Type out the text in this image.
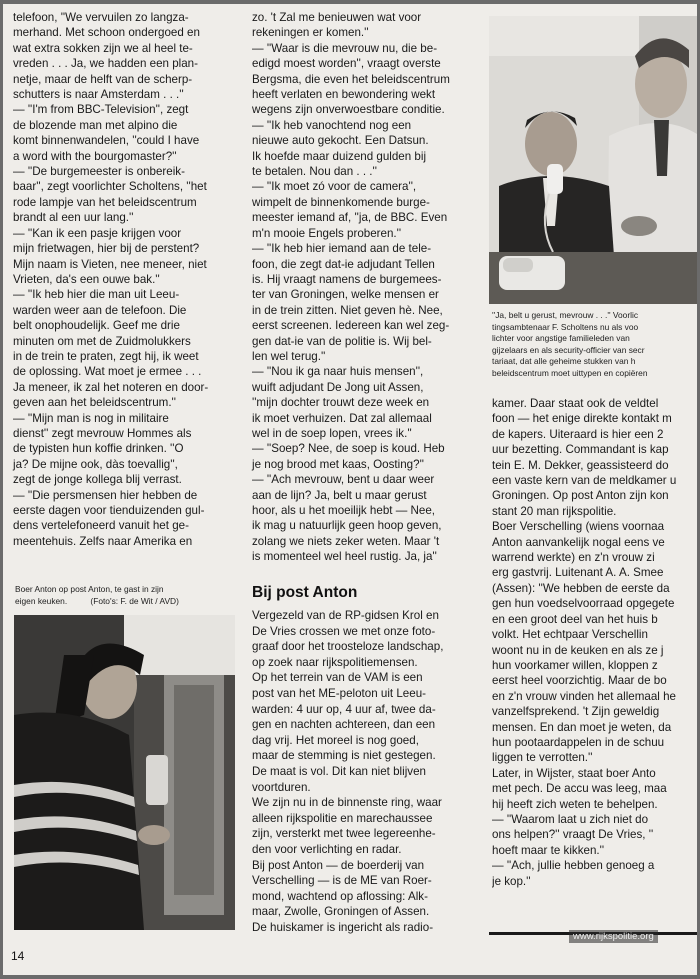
telefoon, ''We vervuilen zo langza-
merhand. Met schoon ondergoed en
wat extra sokken zijn we al heel te-
vreden . . . Ja, we hadden een plan-
netje, maar de helft van de scherp-
schutters is naar Amsterdam . . .''
— ''I'm from BBC-Television'', zegt
de blozende man met alpino die
komt binnenwandelen, ''could I have
a word with the bourgomaster?''
— ''De burgemeester is onbereik-
baar'', zegt voorlichter Scholtens, ''het
rode lampje van het beleidscentrum
brandt al een uur lang.''
— ''Kan ik een pasje krijgen voor
mijn frietwagen, hier bij de perstent?
Mijn naam is Vieten, nee meneer, niet
Vrieten, da's een ouwe bak.''
— ''Ik heb hier die man uit Leeu-
warden weer aan de telefoon. Die
belt onophoudelijk. Geef me drie
minuten om met de Zuidmolukkers
in de trein te praten, zegt hij, ik weet
de oplossing. Wat moet je ermee . . .
Ja meneer, ik zal het noteren en door-
geven aan het beleidscentrum.''
— ''Mijn man is nog in militaire
dienst'' zegt mevrouw Hommes als
de typisten hun koffie drinken. ''O
ja? De mijne ook, dàs toevallig'',
zegt de jonge kollega blij verrast.
— ''Die persmensen hier hebben de
eerste dagen voor tienduizenden gul-
dens vertelefoneerd vanuit het ge-
meentehuis. Zelfs naar Amerika en
zo. 't Zal me benieuwen wat voor
rekeningen er komen.''
— ''Waar is die mevrouw nu, die be-
edigd moest worden'', vraagt overste
Bergsma, die even het beleidscentrum
heeft verlaten en bewondering wekt
wegens zijn onverwoestbare conditie.
— ''Ik heb vanochtend nog een
nieuwe auto gekocht. Een Datsun.
Ik hoefde maar duizend gulden bij
te betalen. Nou dan . . .''
— ''Ik moet zó voor de camera'',
wimpelt de binnenkomende burge-
meester iemand af, ''ja, de BBC. Even
m'n mooie Engels proberen.''
— ''Ik heb hier iemand aan de tele-
foon, die zegt dat-ie adjudant Tellen
is. Hij vraagt namens de burgemees-
ter van Groningen, welke mensen er
in de trein zitten. Niet geven hè. Nee,
eerst screenen. Iedereen kan wel zeg-
gen dat-ie van de politie is. Wij bel-
len wel terug.''
— ''Nou ik ga naar huis mensen'',
wuift adjudant De Jong uit Assen,
''mijn dochter trouwt deze week en
ik moet verhuizen. Dat zal allemaal
wel in de soep lopen, vrees ik.''
— ''Soep? Nee, de soep is koud. Heb
je nog brood met kaas, Oosting?''
— ''Ach mevrouw, bent u daar weer
aan de lijn? Ja, belt u maar gerust
hoor, als u het moeilijk hebt — Nee,
ik mag u natuurlijk geen hoop geven,
zolang we niets zeker weten. Maar 't
is momenteel wel heel rustig. Ja, ja''
''Ja, belt u gerust, mevrouw . . .'' Voorlic
tingsambtenaar F. Scholtens nu als voo
lichter voor angstige familieleden van
gijzelaars en als security-officier van secr
tariaat, dat alle geheime stukken van h
beleidscentrum moet uittypen en copiëren
Boer Anton op post Anton, te gast in zijn
eigen keuken.          (Foto's: F. de Wit / AVD)	Bij post Anton
Vergezeld van de RP-gidsen Krol en
De Vries crossen we met onze foto-
graaf door het troosteloze landschap,
op zoek naar rijkspolitiemensen.
Op het terrein van de VAM is een
post van het ME-peloton uit Leeu-
warden: 4 uur op, 4 uur af, twee da-
gen en nachten achtereen, dan een
dag vrij. Het moreel is nog goed,
maar de stemming is niet gestegen.
De maat is vol. Dit kan niet blijven
voortduren.
We zijn nu in de binnenste ring, waar
alleen rijkspolitie en marechaussee
zijn, versterkt met twee legereenhe-
den voor verlichting en radar.
Bij post Anton — de boerderij van
Verschelling — is de ME van Roer-
mond, wachtend op aflossing: Alk-
maar, Zwolle, Groningen of Assen.
De huiskamer is ingericht als radio-
kamer. Daar staat ook de veldtel
foon — het enige direkte kontakt m
de kapers. Uiteraard is hier een 2
uur bezetting. Commandant is kap
tein E. M. Dekker, geassisteerd do
een vaste kern van de meldkamer u
Groningen. Op post Anton zijn kon
stant 20 man rijkspolitie.
Boer Verschelling (wiens voornaa
Anton aanvankelijk nogal eens ve
warrend werkte) en z'n vrouw zi
erg gastvrij. Luitenant A. A. Smee
(Assen): ''We hebben de eerste da
gen hun voedselvoorraad opgegete
en een groot deel van het huis b
volkt. Het echtpaar Verschellin
woont nu in de keuken en als ze j
hun voorkamer willen, kloppen z
eerst heel voorzichtig. Maar de bo
en z'n vrouw vinden het allemaal he
vanzelfsprekend. 't Zijn geweldig
mensen. En dan moet je weten, da
hun pootaardappelen in de schuu
liggen te verrotten.''
Later, in Wijster, staat boer Anto
met pech. De accu was leeg, maa
hij heeft zich weten te behelpen.
— ''Waarom laat u zich niet do
ons helpen?'' vraagt De Vries, ''
hoeft maar te kikken.''
— ''Ach, jullie hebben genoeg a
je kop.''
www.rijkspolitie.org
14
